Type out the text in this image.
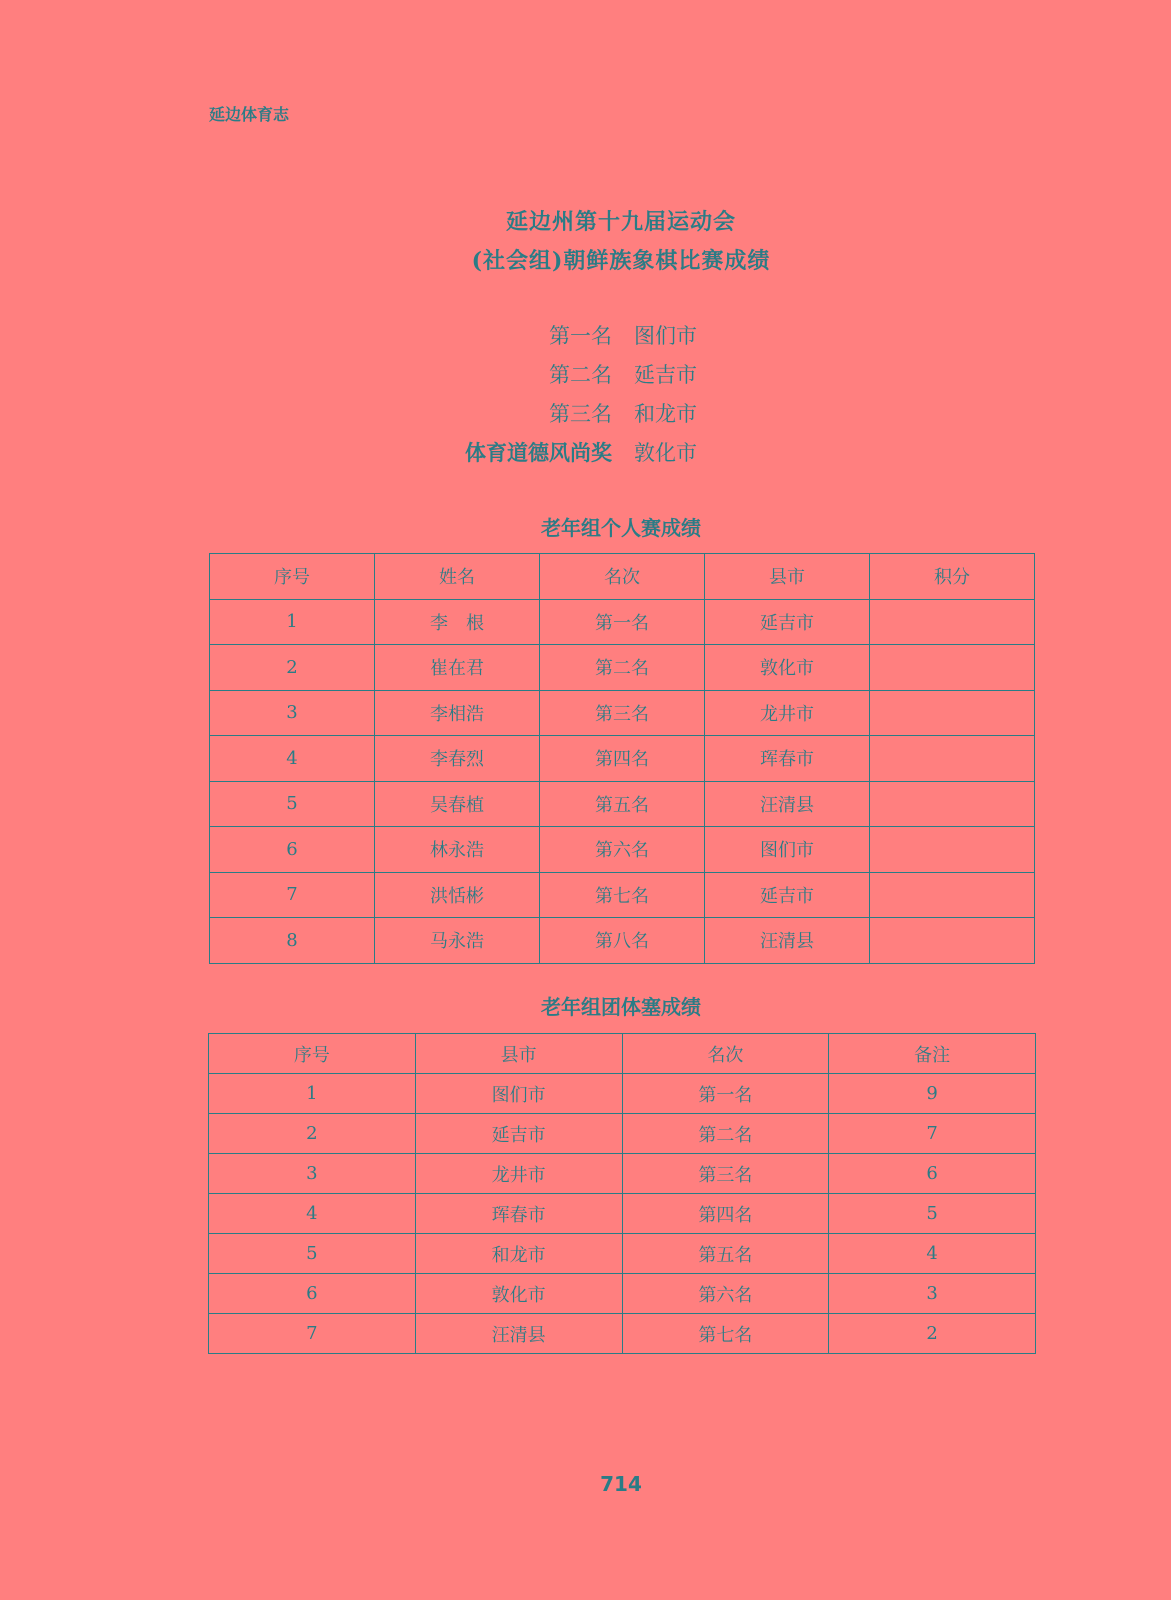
延边体育志
延边州第十九届运动会
(社会组)朝鲜族象棋比赛成绩
第一名 图们市
第二名 延吉市
第三名 和龙市
体育道德风尚奖 敦化市
老年组个人赛成绩
序号	姓名	名次	县市	积分
1	李　根	第一名	延吉市	
2	崔在君	第二名	敦化市	
3	李相浩	第三名	龙井市	
4	李春烈	第四名	珲春市	
5	吴春植	第五名	汪清县	
6	林永浩	第六名	图们市	
7	洪恬彬	第七名	延吉市	
8	马永浩	第八名	汪清县	
老年组团体塞成绩
序号	县市	名次	备注
1	图们市	第一名	9
2	延吉市	第二名	7
3	龙井市	第三名	6
4	珲春市	第四名	5
5	和龙市	第五名	4
6	敦化市	第六名	3
7	汪清县	第七名	2
714
